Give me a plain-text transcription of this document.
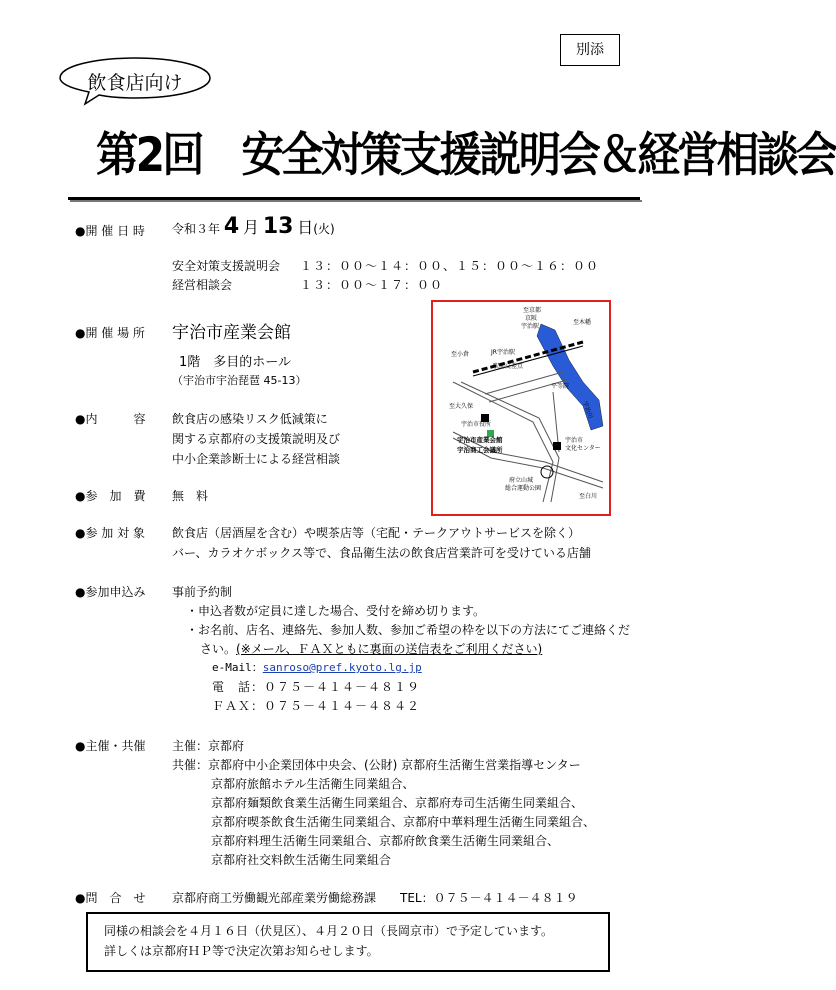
別添
飲食店向け
第2回　安全対策支援説明会＆経営相談会
●開 催 日 時 令和３年 4 月 13 日(火)
安全対策支援説明会 １３：００～１４：００、１５：００～１６：００
経営相談会	１３：００～１７：００
●開 催 場 所 宇治市産業会館
1階　多目的ホール
（宇治市宇治琵琶 45-13）
至京都
京阪
宇治駅
至木幡
至小倉	JR宇治駅
駅前交差点
至大久保
平等院
宇治市役所
宇治川
宇治市産業会館
宇治商工会議所
宇治市
文化センター
府立山城
総合運動公園
至白川
●内　　　容 飲食店の感染リスク低減策に
関する京都府の支援策説明及び
中小企業診断士による経営相談
●参　加　費 無　料
●参 加 対 象 飲食店（居酒屋を含む）や喫茶店等（宅配・テークアウトサービスを除く）
バー、カラオケボックス等で、食品衛生法の飲食店営業許可を受けている店舗
●参加申込み 事前予約制
・申込者数が定員に達した場合、受付を締め切ります。
・お名前、店名、連絡先、参加人数、参加ご希望の枠を以下の方法にてご連絡くだ
さい。(※メール、ＦＡＸともに裏面の送信表をご利用ください)
e-Mail：sanroso@pref.kyoto.lg.jp
電　話：０７５－４１４－４８１９
ＦＡＸ：０７５－４１４－４８４２
●主催・共催 主催：京都府
共催：京都府中小企業団体中央会、(公財) 京都府生活衛生営業指導センター
京都府旅館ホテル生活衛生同業組合、
京都府麺類飲食業生活衛生同業組合、京都府寿司生活衛生同業組合、
京都府喫茶飲食生活衛生同業組合、京都府中華料理生活衛生同業組合、
京都府料理生活衛生同業組合、京都府飲食業生活衛生同業組合、
京都府社交料飲生活衛生同業組合
●問　合　せ 京都府商工労働観光部産業労働総務課　　TEL：０７５－４１４－４８１９
同様の相談会を４月１６日（伏見区）、４月２０日（長岡京市）で予定しています。
詳しくは京都府ＨＰ等で決定次第お知らせします。
